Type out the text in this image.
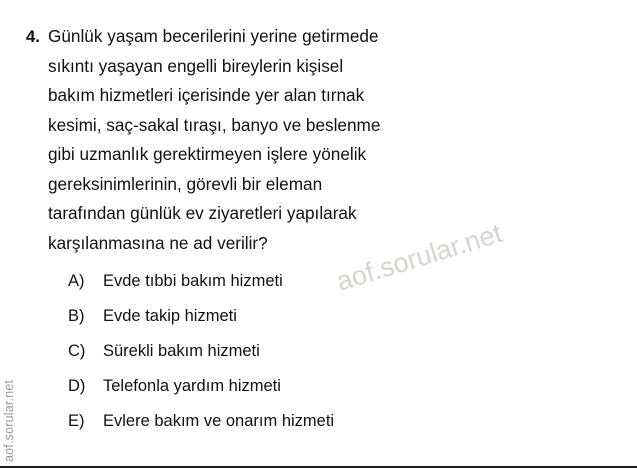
aof.sorular.net
4. Günlük yaşam becerilerini yerine getirmede
sıkıntı yaşayan engelli bireylerin kişisel
bakım hizmetleri içerisinde yer alan tırnak
kesimi, saç-sakal tıraşı, banyo ve beslenme
gibi uzmanlık gerektirmeyen işlere yönelik
gereksinimlerinin, görevli bir eleman
tarafından günlük ev ziyaretleri yapılarak
karşılanmasına ne ad verilir?
A)	Evde tıbbi bakım hizmeti
B)	Evde takip hizmeti
C)	Sürekli bakım hizmeti
D)	Telefonla yardım hizmeti
E)	Evlere bakım ve onarım hizmeti
aof.sorular.net
